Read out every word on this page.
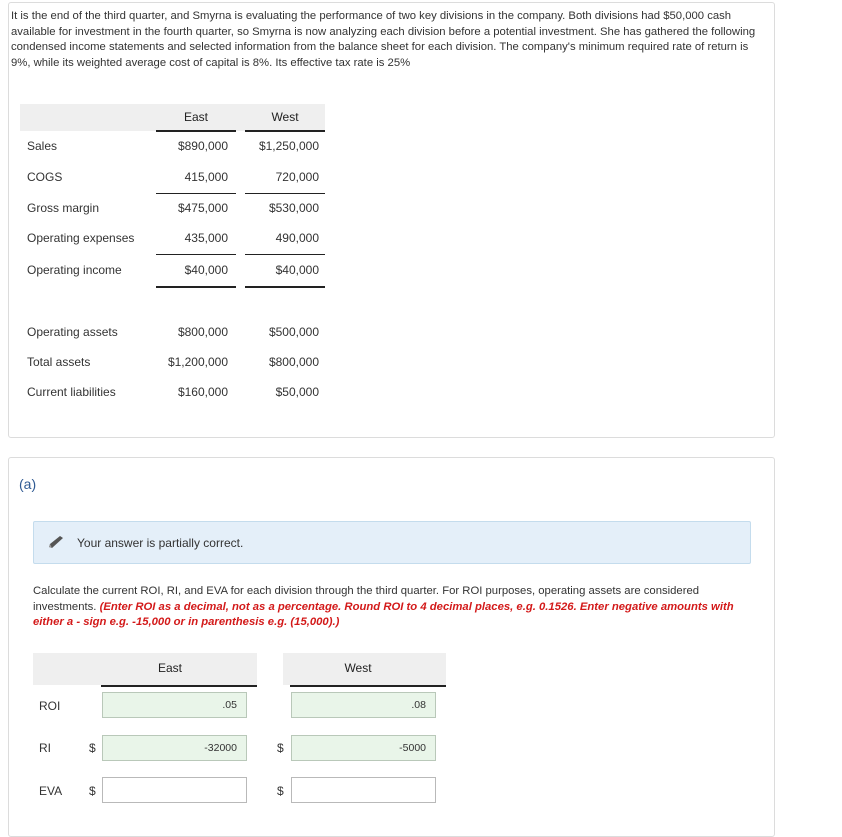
It is the end of the third quarter, and Smyrna is evaluating the performance of two key divisions in the company. Both divisions had $50,000 cash available for investment in the fourth quarter, so Smyrna is now analyzing each division before a potential investment. She has gathered the following condensed income statements and selected information from the balance sheet for each division. The company's minimum required rate of return is 9%, while its weighted average cost of capital is 8%. Its effective tax rate is 25%
East	West
Sales	$890,000	$1,250,000
COGS	415,000	720,000
Gross margin	$475,000	$530,000
Operating expenses	435,000	490,000
Operating income	$40,000	$40,000
Operating assets	$800,000	$500,000
Total assets	$1,200,000	$800,000
Current liabilities	$160,000	$50,000
(a)
Your answer is partially correct.
Calculate the current ROI, RI, and EVA for each division through the third quarter. For ROI purposes, operating assets are considered investments. (Enter ROI as a decimal, not as a percentage. Round ROI to 4 decimal places, e.g. 0.1526. Enter negative amounts with either a - sign e.g. -15,000 or in parenthesis e.g. (15,000).)
East	West
ROI	.05	.08
RI	$	-32000	$	-5000
EVA $	$
